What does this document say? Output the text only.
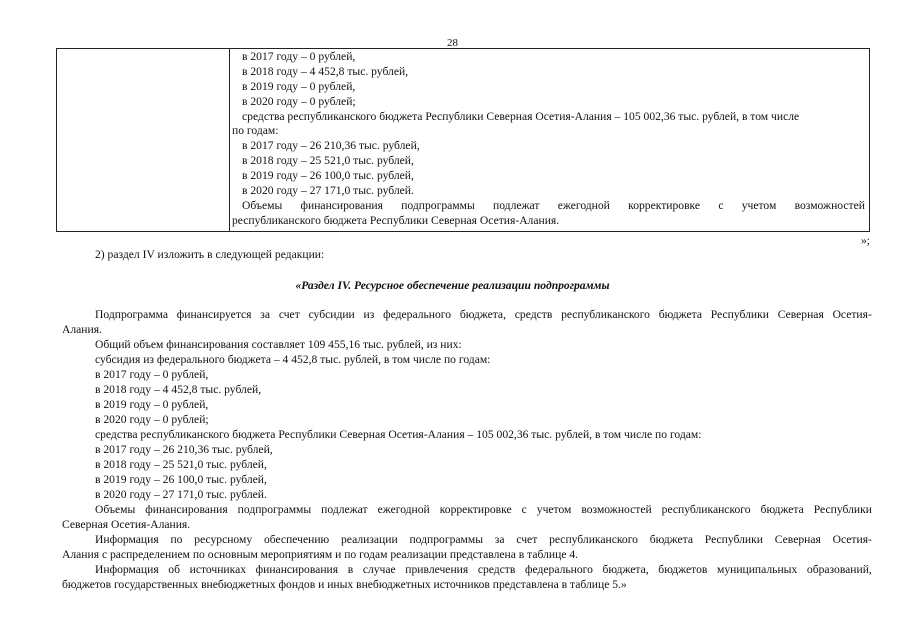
28
в 2017 году – 0 рублей,
в 2018 году – 4 452,8 тыс. рублей,
в 2019 году – 0 рублей,
в 2020 году – 0 рублей;
средства республиканского бюджета Республики Северная Осетия-Алания – 105 002,36 тыс. рублей, в том числе
по годам:
в 2017 году – 26 210,36 тыс. рублей,
в 2018 году – 25 521,0 тыс. рублей,
в 2019 году – 26 100,0 тыс. рублей,
в 2020 году – 27 171,0 тыс. рублей.
Объемы финансирования подпрограммы подлежат ежегодной корректировке с учетом возможностей
республиканского бюджета Республики Северная Осетия-Алания.
»;
2) раздел IV изложить в следующей редакции:
«Раздел IV. Ресурсное обеспечение реализации подпрограммы
Подпрограмма финансируется за счет субсидии из федерального бюджета, средств республиканского бюджета Республики Северная Осетия-
Алания.
Общий объем финансирования составляет 109 455,16 тыс. рублей, из них:
субсидия из федерального бюджета – 4 452,8 тыс. рублей, в том числе по годам:
в 2017 году – 0 рублей,
в 2018 году – 4 452,8 тыс. рублей,
в 2019 году – 0 рублей,
в 2020 году – 0 рублей;
средства республиканского бюджета Республики Северная Осетия-Алания – 105 002,36 тыс. рублей, в том числе по годам:
в 2017 году – 26 210,36 тыс. рублей,
в 2018 году – 25 521,0 тыс. рублей,
в 2019 году – 26 100,0 тыс. рублей,
в 2020 году – 27 171,0 тыс. рублей.
Объемы финансирования подпрограммы подлежат ежегодной корректировке с учетом возможностей республиканского бюджета Республики
Северная Осетия-Алания.
Информация по ресурсному обеспечению реализации подпрограммы за счет республиканского бюджета Республики Северная Осетия-
Алания с распределением по основным мероприятиям и по годам реализации представлена в таблице 4.
Информация об источниках финансирования в случае привлечения средств федерального бюджета, бюджетов муниципальных образований,
бюджетов государственных внебюджетных фондов и иных внебюджетных источников представлена в таблице 5.»
